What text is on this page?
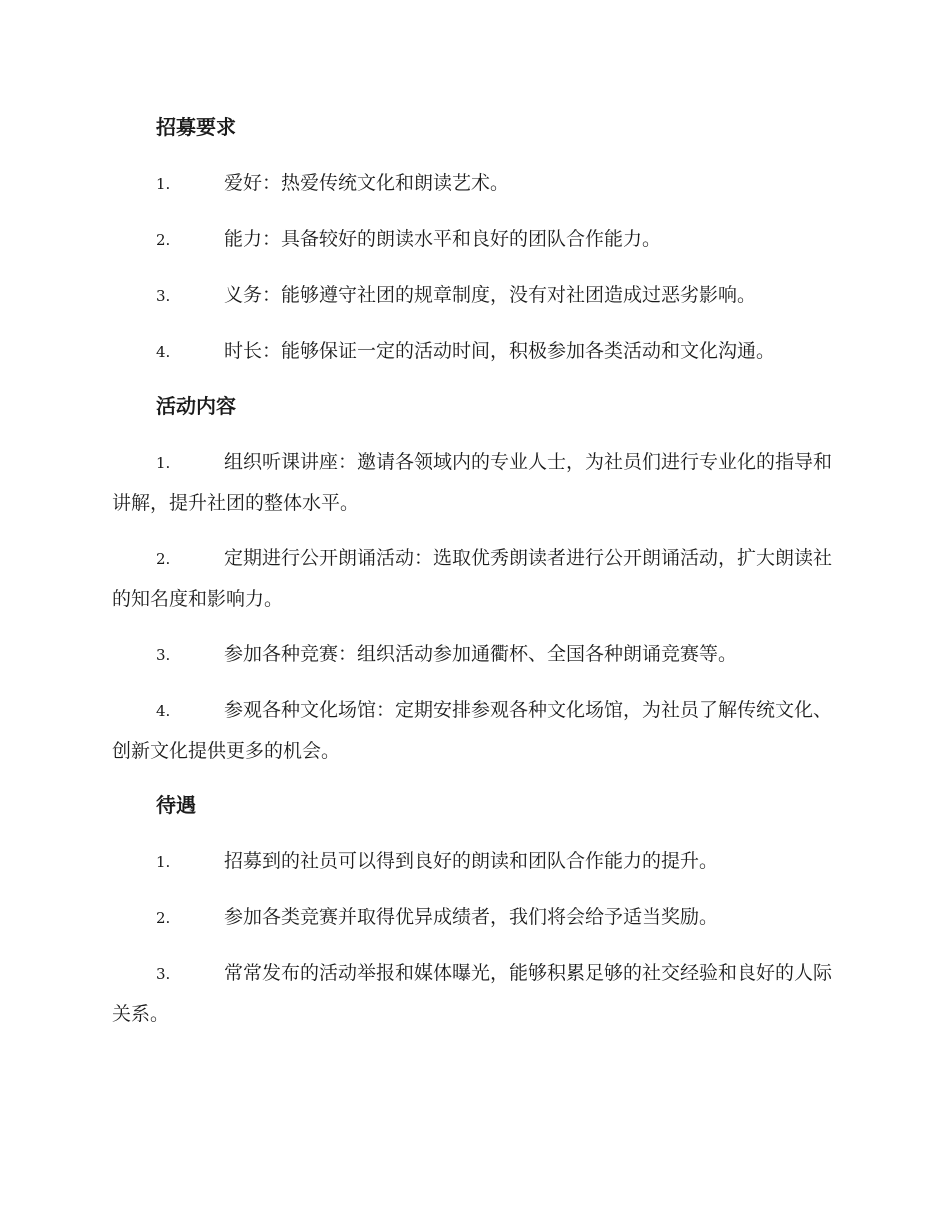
招募要求
1.	爱好：热爱传统文化和朗读艺术。
2.	能力：具备较好的朗读水平和良好的团队合作能力。
3.	义务：能够遵守社团的规章制度，没有对社团造成过恶劣影响。
4.	时长：能够保证一定的活动时间，积极参加各类活动和文化沟通。
活动内容
1.	组织听课讲座：邀请各领域内的专业人士，为社员们进行专业化的指导和讲解，提升社团的整体水平。
2.	定期进行公开朗诵活动：选取优秀朗读者进行公开朗诵活动，扩大朗读社的知名度和影响力。
3.	参加各种竞赛：组织活动参加通衢杯、全国各种朗诵竞赛等。
4.	参观各种文化场馆：定期安排参观各种文化场馆，为社员了解传统文化、创新文化提供更多的机会。
待遇
1.	招募到的社员可以得到良好的朗读和团队合作能力的提升。
2.	参加各类竞赛并取得优异成绩者，我们将会给予适当奖励。
3.	常常发布的活动举报和媒体曝光，能够积累足够的社交经验和良好的人际关系。
